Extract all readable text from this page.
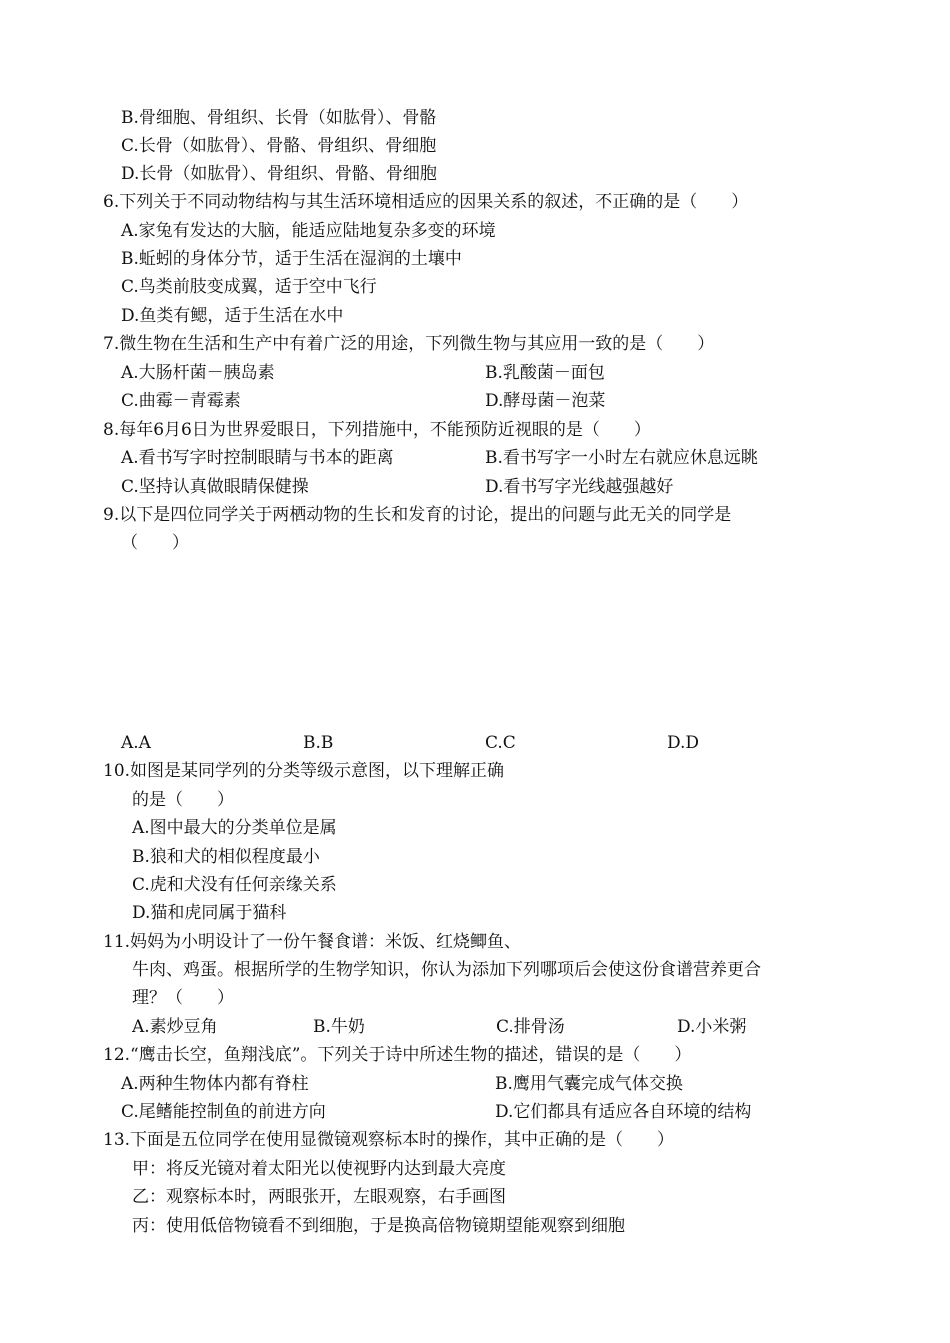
B.骨细胞、骨组织、长骨（如肱骨）、骨骼
C.长骨（如肱骨）、骨骼、骨组织、骨细胞
D.长骨（如肱骨）、骨组织、骨骼、骨细胞
6.下列关于不同动物结构与其生活环境相适应的因果关系的叙述，不正确的是（　　）
A.家兔有发达的大脑，能适应陆地复杂多变的环境
B.蚯蚓的身体分节，适于生活在湿润的土壤中
C.鸟类前肢变成翼，适于空中飞行
D.鱼类有鳃，适于生活在水中
7.微生物在生活和生产中有着广泛的用途，下列微生物与其应用一致的是（　　）
A.大肠杆菌－胰岛素	B.乳酸菌－面包
C.曲霉－青霉素	D.酵母菌－泡菜
8.每年6月6日为世界爱眼日，下列措施中，不能预防近视眼的是（　　）
A.看书写字时控制眼睛与书本的距离	B.看书写字一小时左右就应休息远眺
C.坚持认真做眼睛保健操	D.看书写字光线越强越好
9.以下是四位同学关于两栖动物的生长和发育的讨论，提出的问题与此无关的同学是
（　　）
A.A	B.B	C.C	D.D
10.如图是某同学列的分类等级示意图，以下理解正确
的是（　　）
A.图中最大的分类单位是属
B.狼和犬的相似程度最小
C.虎和犬没有任何亲缘关系
D.猫和虎同属于猫科
11.妈妈为小明设计了一份午餐食谱：米饭、红烧鲫鱼、
牛肉、鸡蛋。根据所学的生物学知识，你认为添加下列哪项后会使这份食谱营养更合
理？（　　）
A.素炒豆角	B.牛奶	C.排骨汤	D.小米粥
12.“鹰击长空，鱼翔浅底”。下列关于诗中所述生物的描述，错误的是（　　）
A.两种生物体内都有脊柱	B.鹰用气囊完成气体交换
C.尾鳍能控制鱼的前进方向	D.它们都具有适应各自环境的结构
13.下面是五位同学在使用显微镜观察标本时的操作，其中正确的是（　　）
甲：将反光镜对着太阳光以使视野内达到最大亮度
乙：观察标本时，两眼张开，左眼观察，右手画图
丙：使用低倍物镜看不到细胞，于是换高倍物镜期望能观察到细胞
